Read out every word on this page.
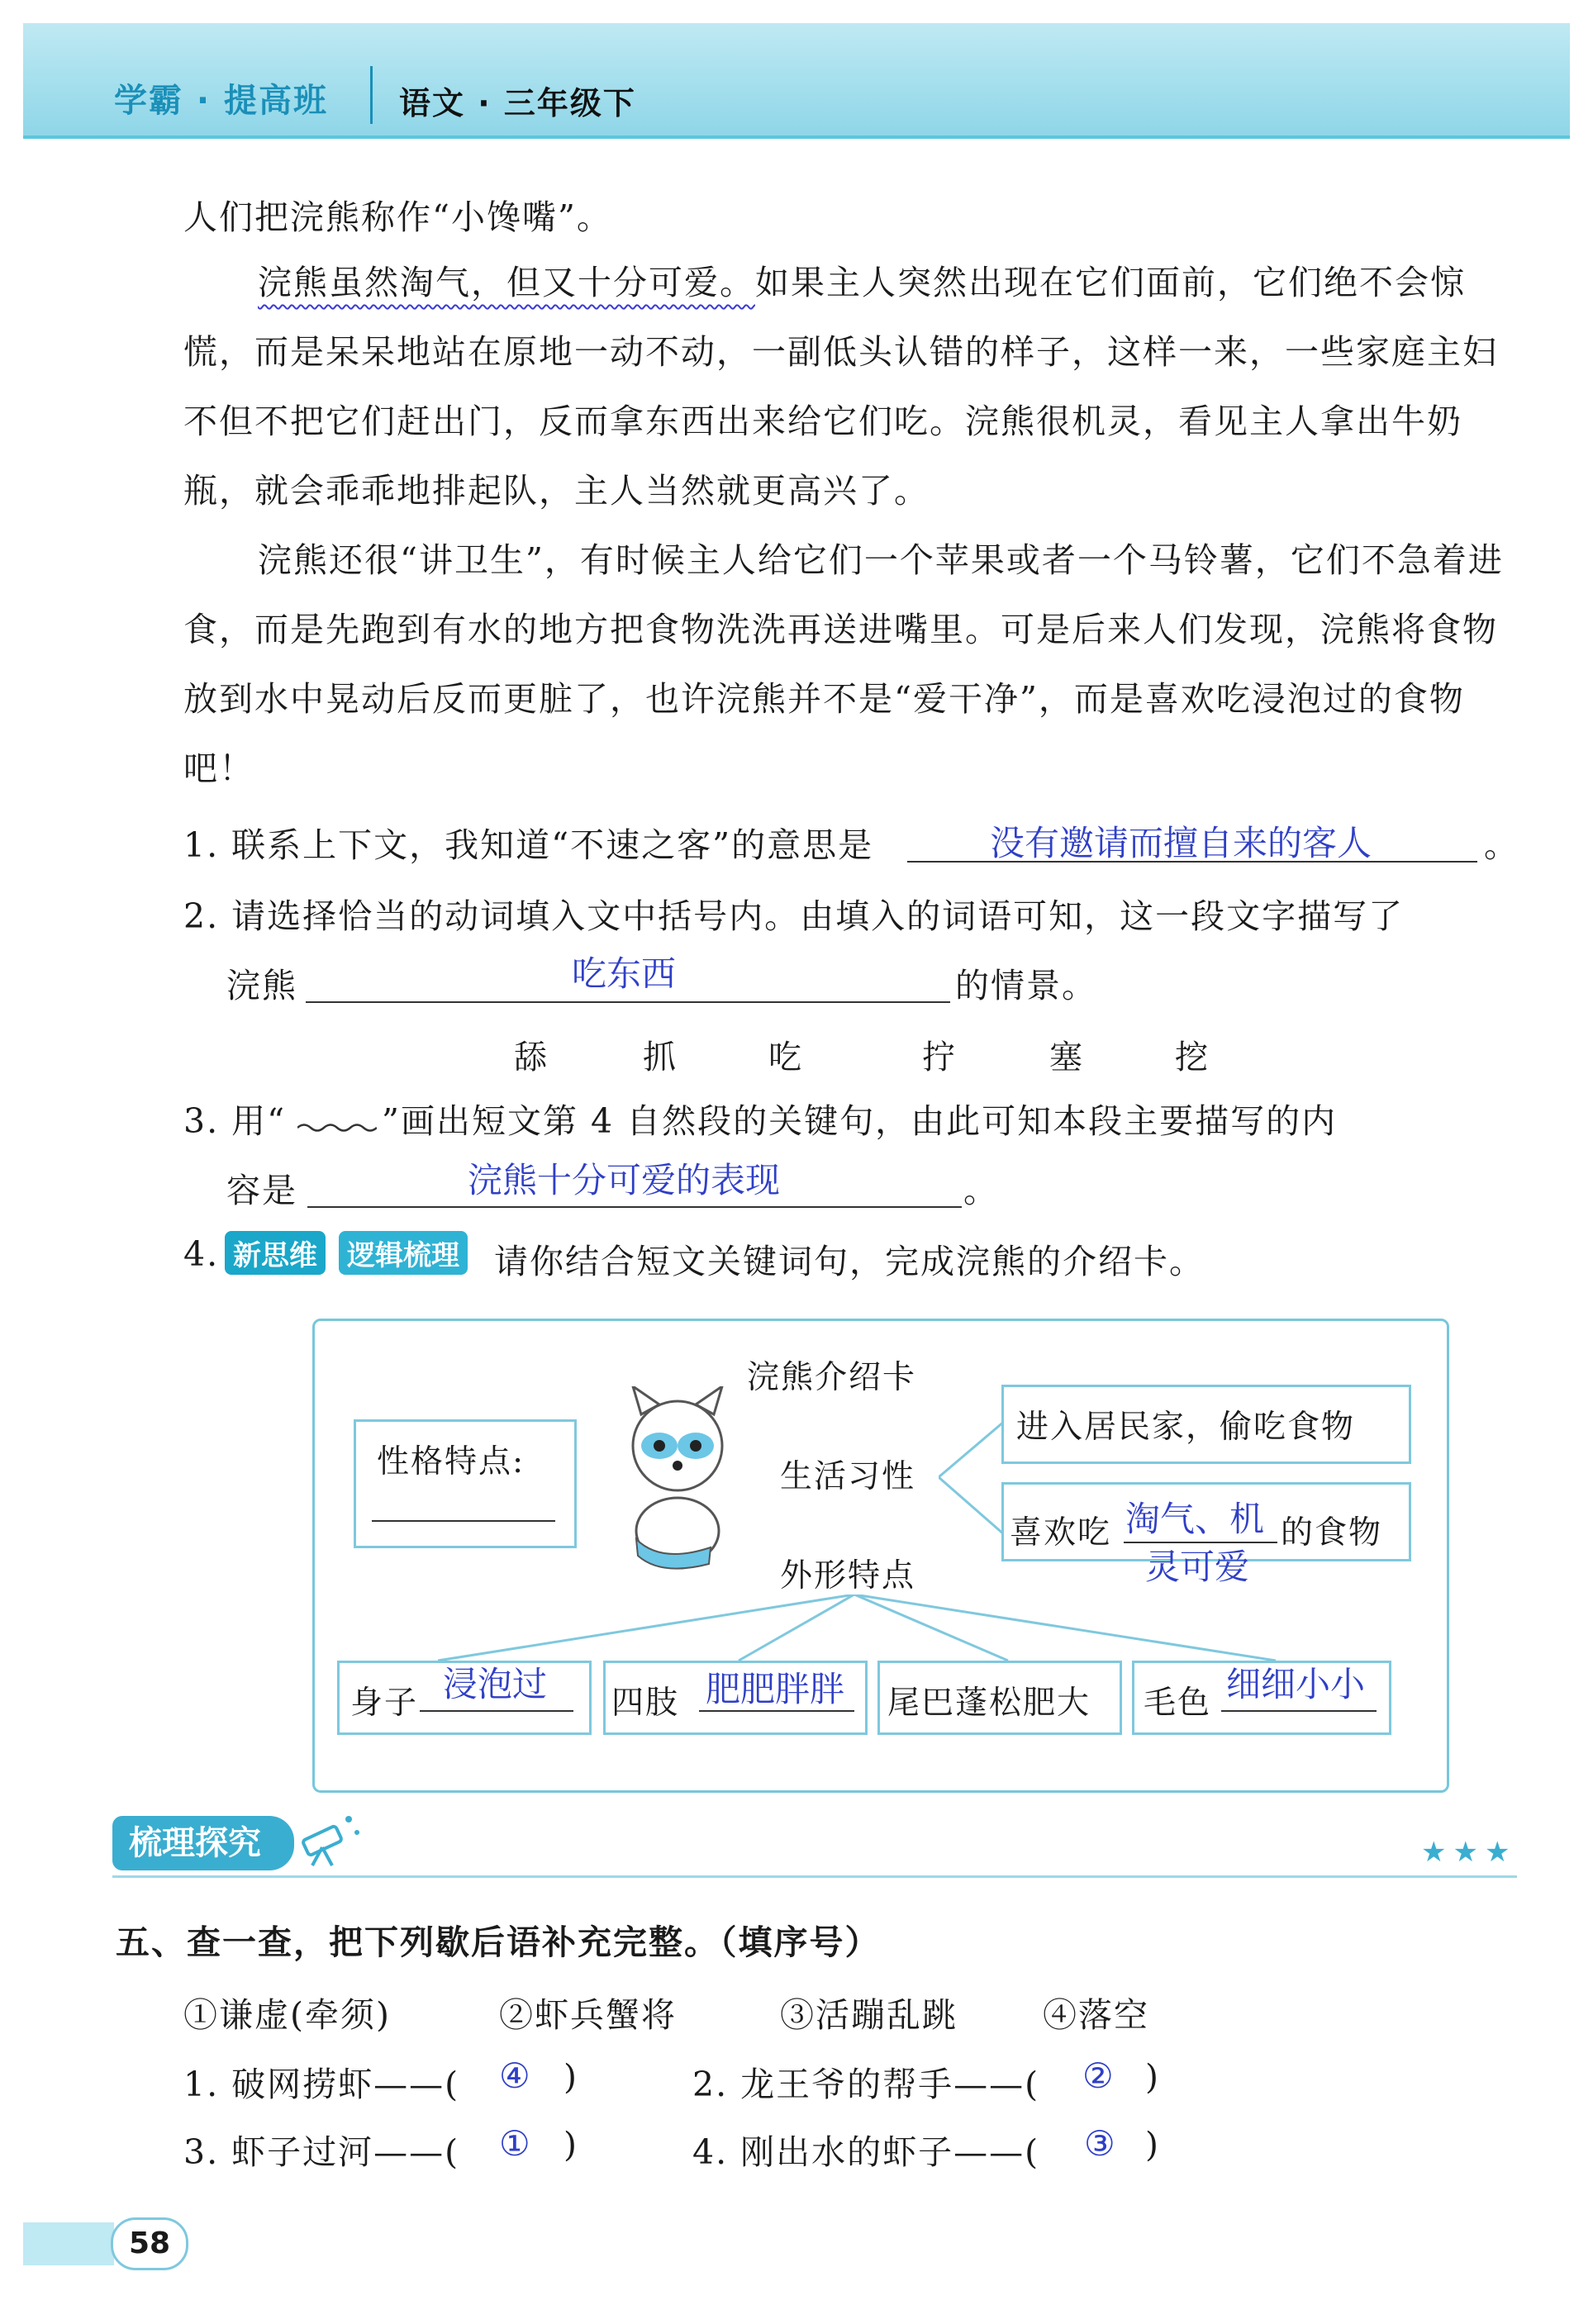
学霸 · 提高班 语文 · 三年级下
人们把浣熊称作“小馋嘴”。

浣熊虽然淘气，但又十分可爱。如果主人突然出现在它们面前，它们绝不会惊慌，而是呆呆地站在原地一动不动，一副低头认错的样子，这样一来，一些家庭主妇不但不把它们赶出门，反而拿东西出来给它们吃。浣熊很机灵，看见主人拿出牛奶瓶，就会乖乖地排起队，主人当然就更高兴了。

浣熊还很“讲卫生”，有时候主人给它们一个苹果或者一个马铃薯，它们不急着进食，而是先跑到有水的地方把食物洗洗再送进嘴里。可是后来人们发现，浣熊将食物放到水中晃动后反而更脏了，也许浣熊并不是“爱干净”，而是喜欢吃浸泡过的食物吧！

1. 联系上下文，我知道“不速之客”的意思是	没有邀请而擅自来的客人	。
2. 请选择恰当的动词填入文中括号内。由填入的词语可知，这一段文字描写了
浣熊	吃东西	的情景。
舔	抓	吃	拧	塞	挖
3. 用“	”画出短文第 4 自然段的关键句，由此可知本段主要描写的内
容是	浣熊十分可爱的表现	。
4. 新思维 逻辑梳理 请你结合短文关键词句，完成浣熊的介绍卡。
浣熊介绍卡
性格特点:	生活习性
进入居民家，偷吃食物
喜欢吃 淘气、机
灵可爱
的食物
外形特点
身子 浸泡过 四肢 肥肥胖胖 尾巴蓬松肥大 毛色 细细小小
梳理探究	★★★
五、查一查，把下列歇后语补充完整。（填序号）
①谦虚(牵须)	②虾兵蟹将	③活蹦乱跳	④落空
1. 破网捞虾——( ④ )	2. 龙王爷的帮手——( ② )
3. 虾子过河——( ① )	4. 刚出水的虾子——( ③ )
58
